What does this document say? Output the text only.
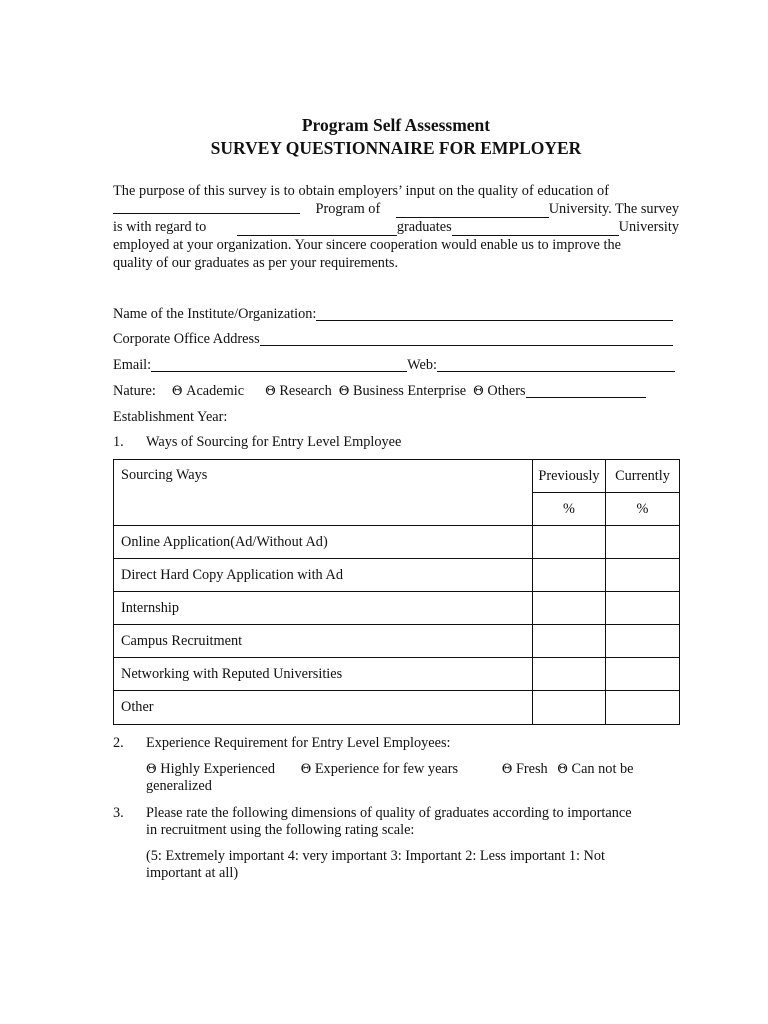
Program Self Assessment
SURVEY QUESTIONNAIRE FOR EMPLOYER
The purpose of this survey is to obtain employers’ input on the quality of education of
Program of	University. The survey
is with regard to	graduates	University
employed at your organization. Your sincere cooperation would enable us to improve the
quality of our graduates as per your requirements.
Name of the Institute/Organization:
Corporate Office Address
Email:	Web:
Nature: Θ Academic Θ Research Θ Business Enterprise Θ Others
Establishment Year:
1. Ways of Sourcing for Entry Level Employee
Sourcing Ways	Previously	Currently
	%	%
Online Application(Ad/Without Ad)		
Direct Hard Copy Application with Ad		
Internship		
Campus Recruitment		
Networking with Reputed Universities		
Other		
2. Experience Requirement for Entry Level Employees:
Θ Highly Experienced Θ Experience for few years	Θ Fresh Θ Can not be
generalized
3. Please rate the following dimensions of quality of graduates according to importance
in recruitment using the following rating scale:
(5: Extremely important 4: very important 3: Important 2: Less important 1: Not
important at all)
